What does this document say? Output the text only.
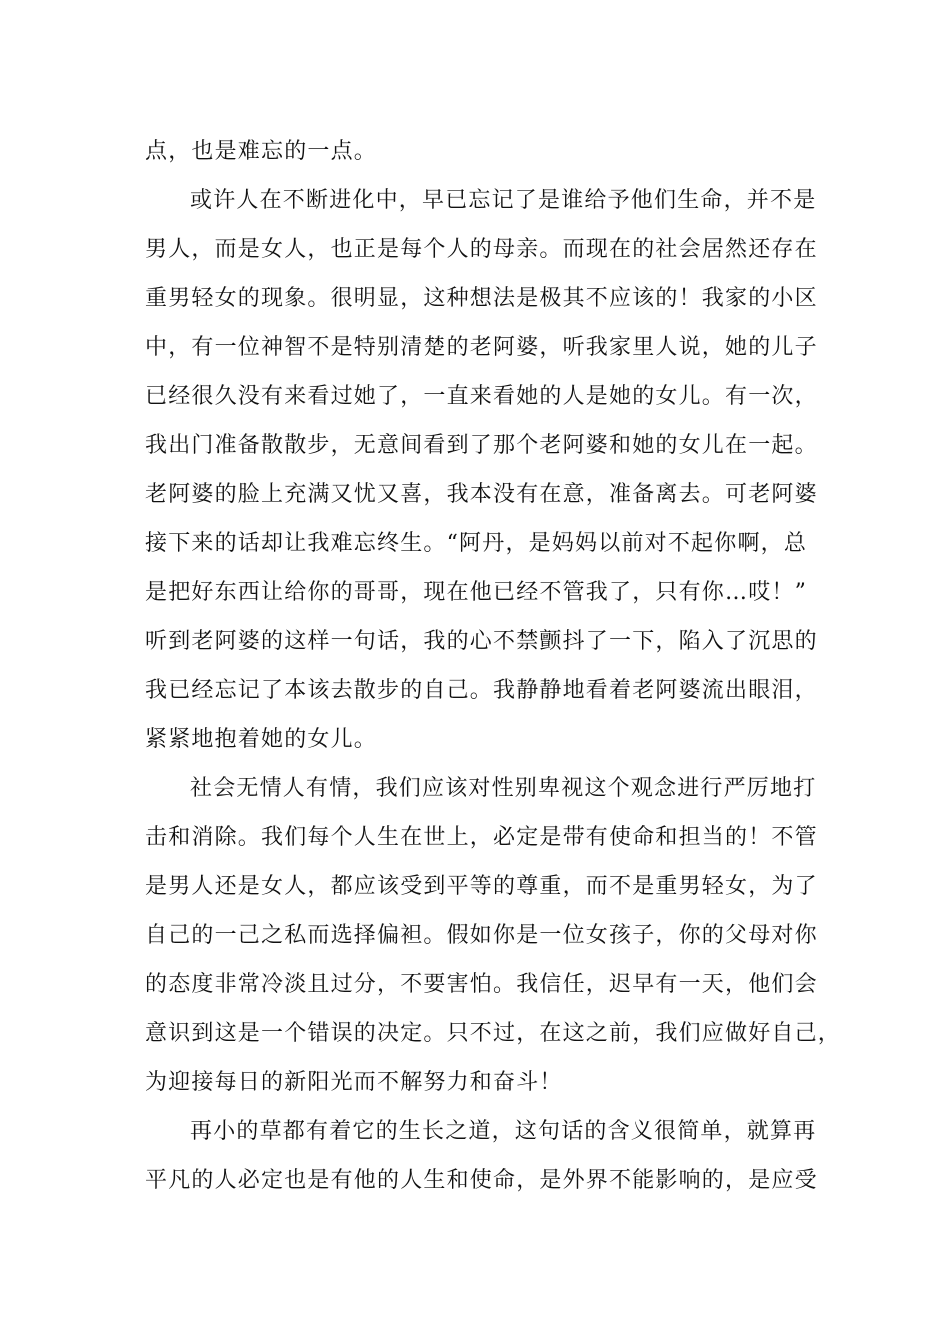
点，也是难忘的一点。
或许人在不断进化中，早已忘记了是谁给予他们生命，并不是
男人，而是女人，也正是每个人的母亲。而现在的社会居然还存在
重男轻女的现象。很明显，这种想法是极其不应该的！我家的小区
中，有一位神智不是特别清楚的老阿婆，听我家里人说，她的儿子
已经很久没有来看过她了，一直来看她的人是她的女儿。有一次，
我出门准备散散步，无意间看到了那个老阿婆和她的女儿在一起。
老阿婆的脸上充满又忧又喜，我本没有在意，准备离去。可老阿婆
接下来的话却让我难忘终生。“阿丹，是妈妈以前对不起你啊，总
是把好东西让给你的哥哥，现在他已经不管我了，只有你…哎！”
听到老阿婆的这样一句话，我的心不禁颤抖了一下，陷入了沉思的
我已经忘记了本该去散步的自己。我静静地看着老阿婆流出眼泪，
紧紧地抱着她的女儿。
社会无情人有情，我们应该对性别卑视这个观念进行严厉地打
击和消除。我们每个人生在世上，必定是带有使命和担当的！不管
是男人还是女人，都应该受到平等的尊重，而不是重男轻女，为了
自己的一己之私而选择偏袒。假如你是一位女孩子，你的父母对你
的态度非常冷淡且过分，不要害怕。我信任，迟早有一天，他们会
意识到这是一个错误的决定。只不过，在这之前，我们应做好自己，
为迎接每日的新阳光而不解努力和奋斗！
再小的草都有着它的生长之道，这句话的含义很简单，就算再
平凡的人必定也是有他的人生和使命，是外界不能影响的，是应受
